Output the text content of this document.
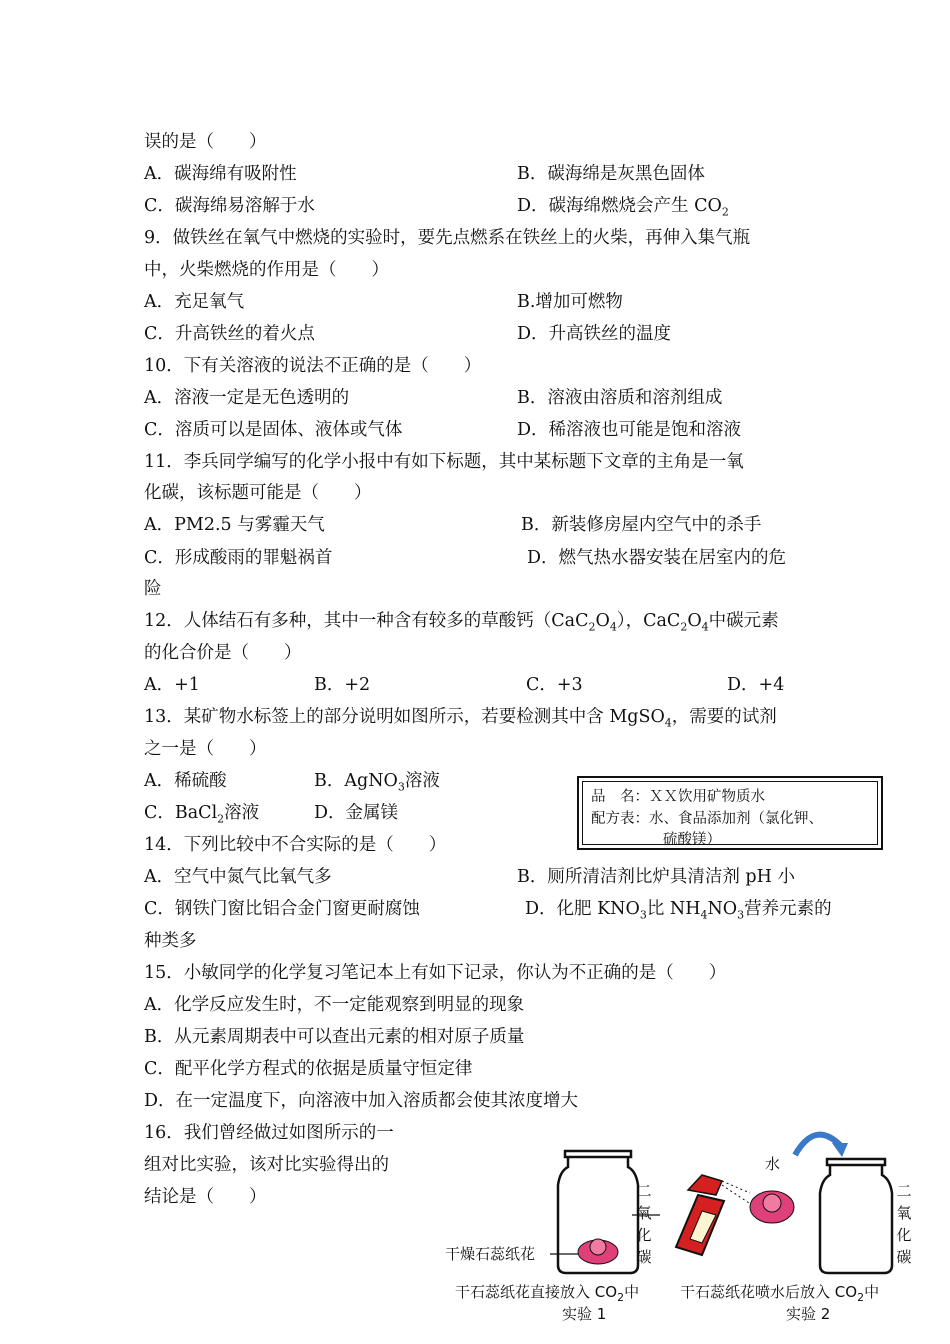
误的是（　　）
A．碳海绵有吸附性	B．碳海绵是灰黑色固体
C．碳海绵易溶解于水	D．碳海绵燃烧会产生 $CO_2$
9．做铁丝在氧气中燃烧的实验时，要先点燃系在铁丝上的火柴，再伸入集气瓶
中，火柴燃烧的作用是（　　）
A．充足氧气	B.增加可燃物
C．升高铁丝的着火点	D．升高铁丝的温度
10．下有关溶液的说法不正确的是（　　）
A．溶液一定是无色透明的	B．溶液由溶质和溶剂组成
C．溶质可以是固体、液体或气体	D．稀溶液也可能是饱和溶液
11．李兵同学编写的化学小报中有如下标题，其中某标题下文章的主角是一氧
化碳，该标题可能是（　　）
A．PM2.5 与雾霾天气	B．新装修房屋内空气中的杀手
C．形成酸雨的罪魁祸首	D．燃气热水器安装在居室内的危
险
12．人体结石有多种，其中一种含有较多的草酸钙$(CaC_2O_4)$，$CaC_2O_4$中碳元素
的化合价是（　　）
A．+1	B．+2	C．+3	D．+4
13．某矿物水标签上的部分说明如图所示，若要检测其中含 MgSO$_4$，需要的试剂
之一是（　　）
A．稀硫酸	B．AgNO$_3$溶液
C．BaCl$_2$溶液	D．金属镁
品　名：ＸＸ饮用矿物质水
配方表：水、食品添加剂（氯化钾、
硫酸镁）
14．下列比较中不合实际的是（　　）
A．空气中氮气比氧气多	B．厕所清洁剂比炉具清洁剂 pH 小
C．钢铁门窗比铝合金门窗更耐腐蚀	D．化肥 $KNO_3$比 $NH_4NO_3$营养元素的
种类多
15．小敏同学的化学复习笔记本上有如下记录，你认为不正确的是（　　）
A．化学反应发生时，不一定能观察到明显的现象
B．从元素周期表中可以查出元素的相对原子质量
C．配平化学方程式的依据是质量守恒定律
D．在一定温度下，向溶液中加入溶质都会使其浓度增大
16．我们曾经做过如图所示的一
组对比实验，该对比实验得出的
结论是（　　）
干燥石蕊纸花
二氧化碳
水
二氧化碳
干石蕊纸花直接放入 $CO_2$中
实验 1
干石蕊纸花喷水后放入 $CO_2$中
实验 2
